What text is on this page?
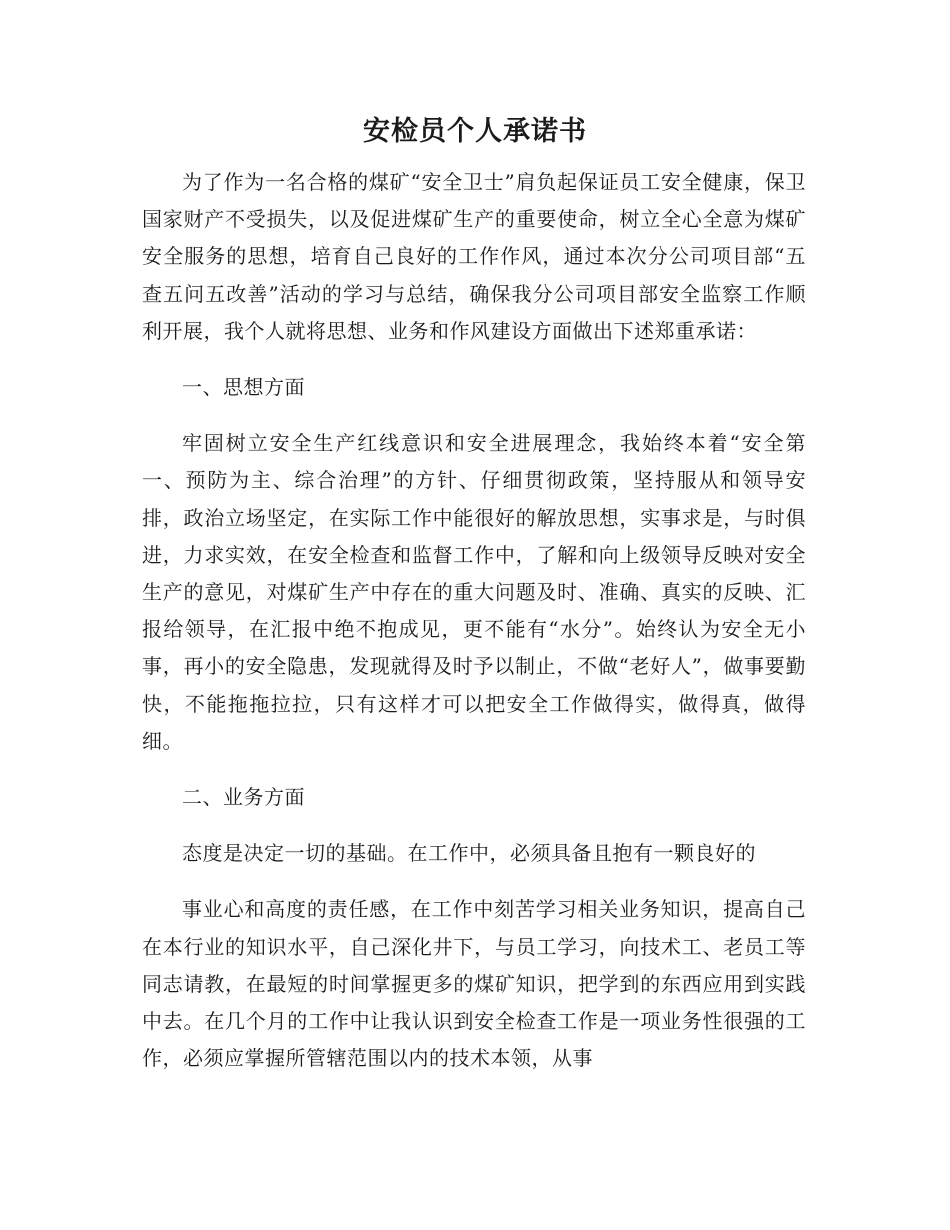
安检员个人承诺书

为了作为一名合格的煤矿“安全卫士”肩负起保证员工安全健康，保卫国家财产不受损失，以及促进煤矿生产的重要使命，树立全心全意为煤矿安全服务的思想，培育自己良好的工作作风，通过本次分公司项目部“五查五问五改善”活动的学习与总结，确保我分公司项目部安全监察工作顺利开展，我个人就将思想、业务和作风建设方面做出下述郑重承诺：

一、思想方面

牢固树立安全生产红线意识和安全进展理念，我始终本着“安全第一、预防为主、综合治理”的方针、仔细贯彻政策，坚持服从和领导安排，政治立场坚定，在实际工作中能很好的解放思想，实事求是，与时俱进，力求实效，在安全检查和监督工作中，了解和向上级领导反映对安全生产的意见，对煤矿生产中存在的重大问题及时、准确、真实的反映、汇报给领导，在汇报中绝不抱成见，更不能有“水分”。始终认为安全无小事，再小的安全隐患，发现就得及时予以制止，不做“老好人”，做事要勤快，不能拖拖拉拉，只有这样才可以把安全工作做得实，做得真，做得细。

二、业务方面

态度是决定一切的基础。在工作中，必须具备且抱有一颗良好的

事业心和高度的责任感，在工作中刻苦学习相关业务知识，提高自己在本行业的知识水平，自己深化井下，与员工学习，向技术工、老员工等同志请教，在最短的时间掌握更多的煤矿知识，把学到的东西应用到实践中去。在几个月的工作中让我认识到安全检查工作是一项业务性很强的工作，必须应掌握所管辖范围以内的技术本领，从事
